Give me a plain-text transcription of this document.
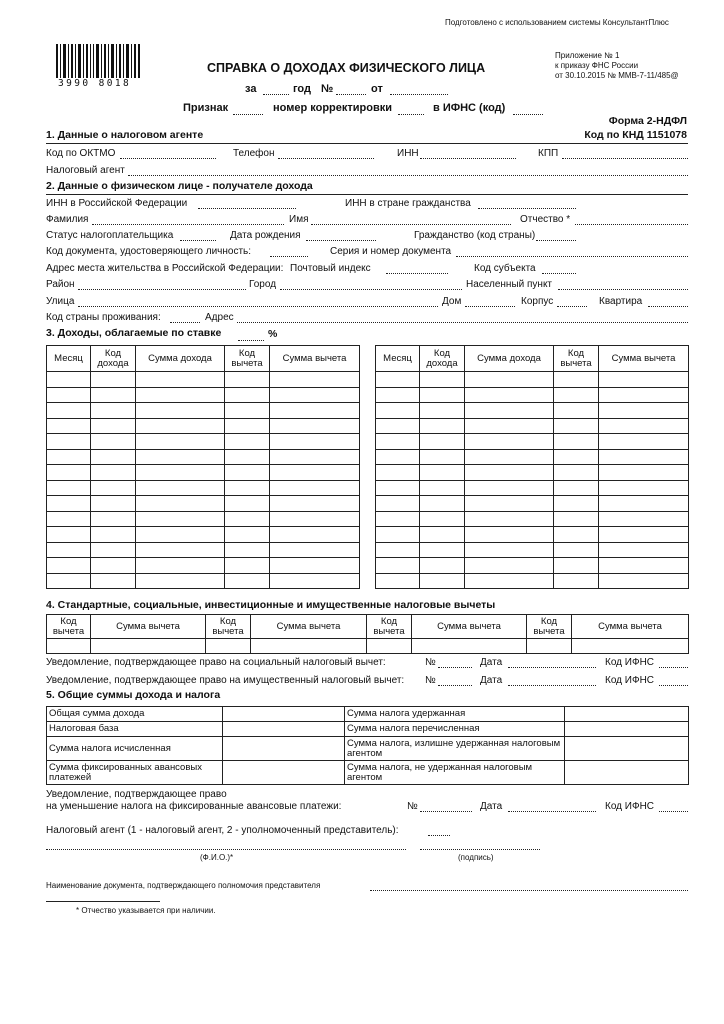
Подготовлено с использованием системы КонсультантПлюс
3990 8018
СПРАВКА О ДОХОДАХ ФИЗИЧЕСКОГО ЛИЦА
Приложение № 1
к приказу ФНС России
от 30.10.2015 № ММВ-7-11/485@
за	год №	от
Признак	номер корректировки	в ИФНС (код)
Форма 2-НДФЛ
Код по КНД 1151078
1. Данные о налоговом агенте
Код по ОКТМО	Телефон	ИНН	КПП
Налоговый агент
2. Данные о физическом лице - получателе дохода
ИНН в Российской Федерации	ИНН в стране гражданства
Фамилия	Имя	Отчество *
Статус налогоплательщика	Дата рождения	Гражданство (код страны)
Код документа, удостоверяющего личность:	Серия и номер документа
Адрес места жительства в Российской Федерации: Почтовый индекс	Код субъекта
Район	Город	Населенный пункт
Улица	Дом	Корпус	Квартира
Код страны проживания:	Адрес
3. Доходы, облагаемые по ставке	%
Месяц	Код дохода	Сумма дохода	Код вычета	Сумма вычета

					Месяц	Код дохода	Сумма дохода	Код вычета	Сумма вычета

4. Стандартные, социальные, инвестиционные и имущественные налоговые вычеты
Код вычета	Сумма вычета	Код вычета	Сумма вычета	Код вычета	Сумма вычета	Код вычета	Сумма вычета

Уведомление, подтверждающее право на социальный налоговый вычет:	№	Дата	Код ИФНС
Уведомление, подтверждающее право на имущественный налоговый вычет: №	Дата	Код ИФНС
5. Общие суммы дохода и налога
Общая сумма дохода		Сумма налога удержанная	
Налоговая база		Сумма налога перечисленная	
Сумма налога исчисленная		Сумма налога, излишне удержанная налоговым агентом	
Сумма фиксированных авансовых платежей		Сумма налога, не удержанная налоговым агентом	
Уведомление, подтверждающее право
на уменьшение налога на фиксированные авансовые платежи:	№	Дата	Код ИФНС
Налоговый агент (1 - налоговый агент, 2 - уполномоченный представитель):
(Ф.И.О.)*	(подпись)
Наименование документа, подтверждающего полномочия представителя
* Отчество указывается при наличии.
